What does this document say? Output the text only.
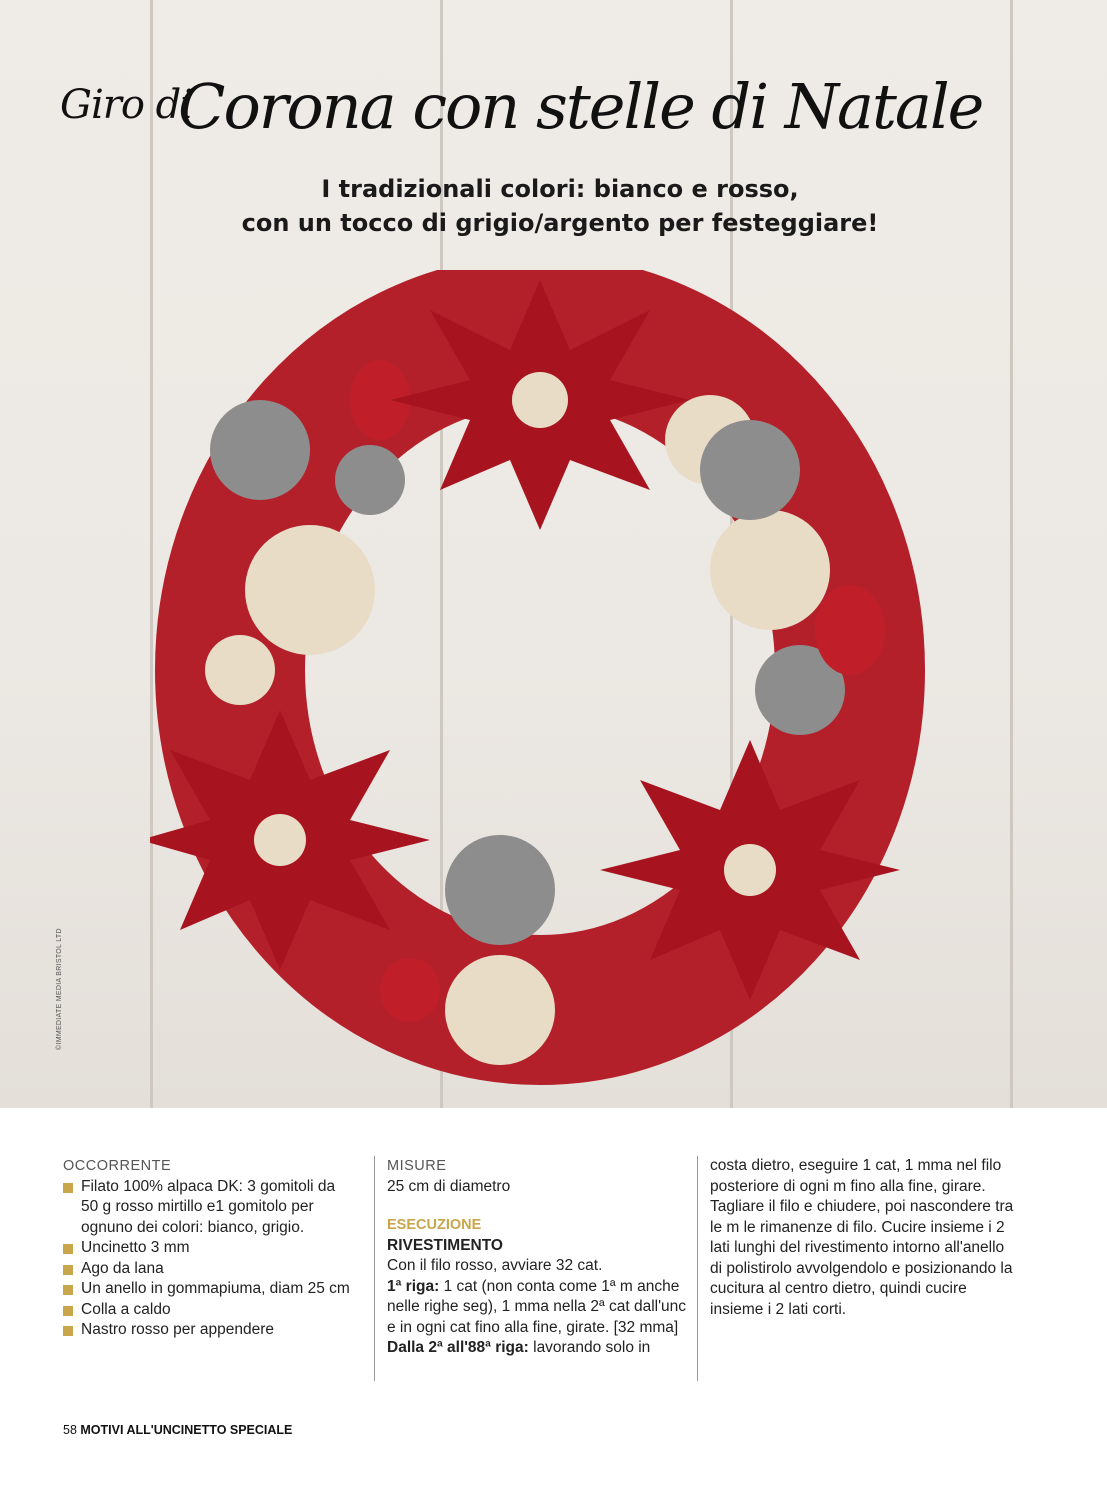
Giro di
Corona con stelle di Natale
I tradizionali colori: bianco e rosso,
con un tocco di grigio/argento per festeggiare!
©IMMEDIATE MEDIA BRISTOL LTD
OCCORRENTE
Filato 100% alpaca DK: 3 gomitoli da 50 g rosso mirtillo e1 gomitolo per ognuno dei colori: bianco, grigio.
Uncinetto 3 mm
Ago da lana
Un anello in gommapiuma, diam 25 cm
Colla a caldo
Nastro rosso per appendere
MISURE
25 cm di diametro
ESECUZIONE
RIVESTIMENTO
Con il filo rosso, avviare 32 cat.
1ª riga: 1 cat (non conta come 1ª m anche nelle righe seg), 1 mma nella 2ª cat dall'unc e in ogni cat fino alla fine, girate. [32 mma]
Dalla 2ª all'88ª riga: lavorando solo in
costa dietro, eseguire 1 cat, 1 mma nel filo posteriore di ogni m fino alla fine, girare.
Tagliare il filo e chiudere, poi nascondere tra le m le rimanenze di filo. Cucire insieme i 2 lati lunghi del rivestimento intorno all'anello di polistirolo avvolgendolo e posizionando la cucitura al centro dietro, quindi cucire insieme i 2 lati corti.
58 MOTIVI ALL'UNCINETTO SPECIALE
